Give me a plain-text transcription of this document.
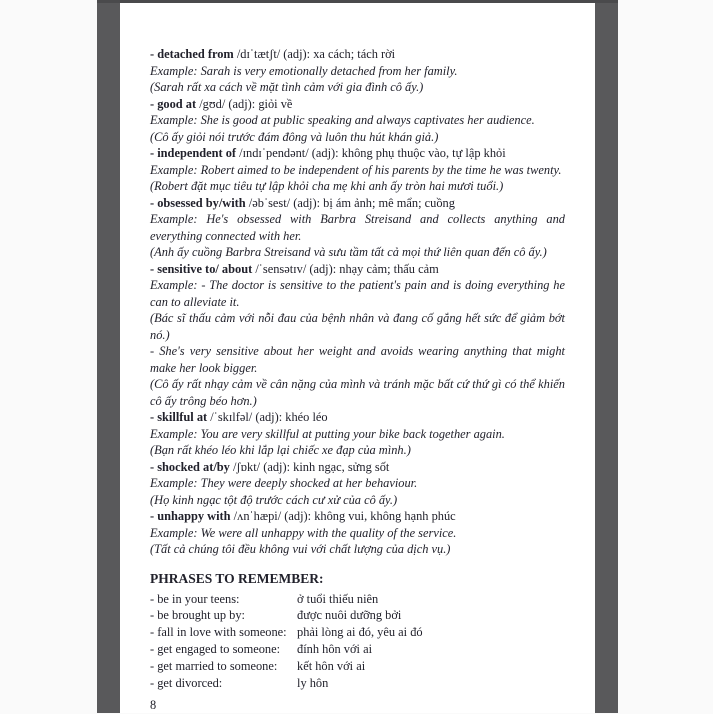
- detached from /dɪˈtætʃt/ (adj): xa cách; tách rời

Example: Sarah is very emotionally detached from her family.

(Sarah rất xa cách về mặt tình cảm với gia đình cô ấy.)

- good at /gʊd/ (adj): giỏi về

Example: She is good at public speaking and always captivates her audience.

(Cô ấy giỏi nói trước đám đông và luôn thu hút khán giả.)

- independent of /ɪndɪˈpendənt/ (adj): không phụ thuộc vào, tự lập khỏi

Example: Robert aimed to be independent of his parents by the time he was twenty.

(Robert đặt mục tiêu tự lập khỏi cha mẹ khi anh ấy tròn hai mươi tuổi.)

- obsessed by/with /əbˈsest/ (adj): bị ám ảnh; mê mẩn; cuồng

Example: He's obsessed with Barbra Streisand and collects anything and everything connected with her.

(Anh ấy cuồng Barbra Streisand và sưu tầm tất cả mọi thứ liên quan đến cô ấy.)

- sensitive to/ about /ˈsensətɪv/ (adj): nhạy cảm; thấu cảm

Example: - The doctor is sensitive to the patient's pain and is doing everything he can to alleviate it.

(Bác sĩ thấu cảm với nỗi đau của bệnh nhân và đang cố gắng hết sức để giảm bớt nó.)

- She's very sensitive about her weight and avoids wearing anything that might make her look bigger.

(Cô ấy rất nhạy cảm về cân nặng của mình và tránh mặc bất cứ thứ gì có thể khiến cô ấy trông béo hơn.)

- skillful at /ˈskɪlfəl/ (adj): khéo léo

Example: You are very skillful at putting your bike back together again.

(Bạn rất khéo léo khi lắp lại chiếc xe đạp của mình.)

- shocked at/by /ʃɒkt/ (adj): kinh ngạc, sửng sốt

Example: They were deeply shocked at her behaviour.

(Họ kinh ngạc tột độ trước cách cư xử của cô ấy.)

- unhappy with /ʌnˈhæpi/ (adj): không vui, không hạnh phúc

Example: We were all unhappy with the quality of the service.

(Tất cả chúng tôi đều không vui với chất lượng của dịch vụ.)

PHRASES TO REMEMBER:
- be in your teens:	ở tuổi thiếu niên
- be brought up by:	được nuôi dưỡng bởi
- fall in love with someone: phải lòng ai đó, yêu ai đó
- get engaged to someone:	đính hôn với ai
- get married to someone:	kết hôn với ai
- get divorced:	ly hôn
8
